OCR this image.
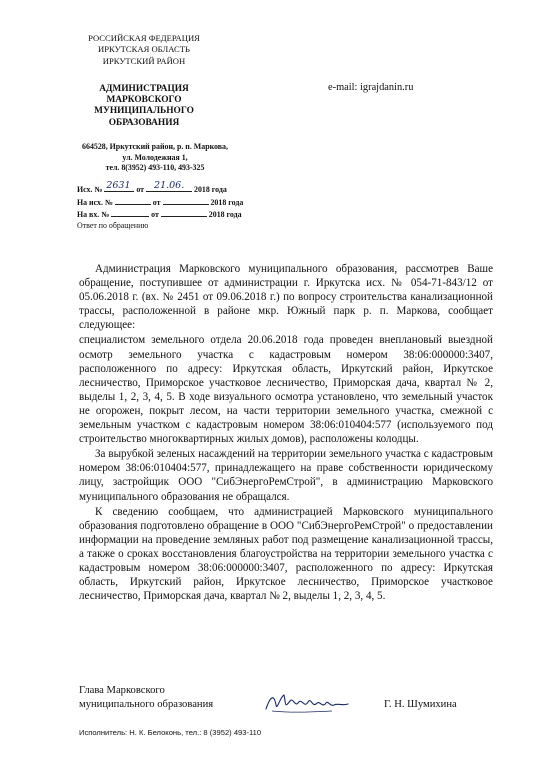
РОССИЙСКАЯ ФЕДЕРАЦИЯ
ИРКУТСКАЯ ОБЛАСТЬ
ИРКУТСКИЙ РАЙОН
АДМИНИСТРАЦИЯ
МАРКОВСКОГО
МУНИЦИПАЛЬНОГО
ОБРАЗОВАНИЯ
664528, Иркутский район, р. п. Маркова,
ул. Молодежная 1,
тел. 8(3952) 493-110, 493-325
e-mail: igrajdanin.ru
Исх. № 2631 от 21.06. 2018 года
На исх. №	от	2018 года
На вх. №	от	2018 года
Ответ по обращению

Администрация Марковского муниципального образования, рассмотрев Ваше обращение, поступившее от администрации г. Иркутска исх. № 054-71-843/12 от 05.06.2018 г. (вх. № 2451 от 09.06.2018 г.) по вопросу строительства канализационной трассы, расположенной в районе мкр. Южный парк р. п. Маркова, сообщает следующее:

специалистом земельного отдела 20.06.2018 года проведен внеплановый выездной осмотр земельного участка с кадастровым номером 38:06:000000:3407, расположенного по адресу: Иркутская область, Иркутский район, Иркутское лесничество, Приморское участковое лесничество, Приморская дача, квартал № 2, выделы 1, 2, 3, 4, 5. В ходе визуального осмотра установлено, что земельный участок не огорожен, покрыт лесом, на части территории земельного участка, смежной с земельным участком с кадастровым номером 38:06:010404:577 (используемого под строительство многоквартирных жилых домов), расположены колодцы.

За вырубкой зеленых насаждений на территории земельного участка с кадастровым номером 38:06:010404:577, принадлежащего на праве собственности юридическому лицу, застройщик ООО "СибЭнергоРемСтрой", в администрацию Марковского муниципального образования не обращался.

К сведению сообщаем, что администрацией Марковского муниципального образования подготовлено обращение в ООО "СибЭнергоРемСтрой" о предоставлении информации на проведение земляных работ под размещение канализационной трассы, а также о сроках восстановления благоустройства на территории земельного участка с кадастровым номером 38:06:000000:3407, расположенного по адресу: Иркутская область, Иркутский район, Иркутское лесничество, Приморское участковое лесничество, Приморская дача, квартал № 2, выделы 1, 2, 3, 4, 5.

Глава Марковского
муниципального образования	Г. Н. Шумихина
Исполнитель: Н. К. Белоконь, тел.: 8 (3952) 493-110
